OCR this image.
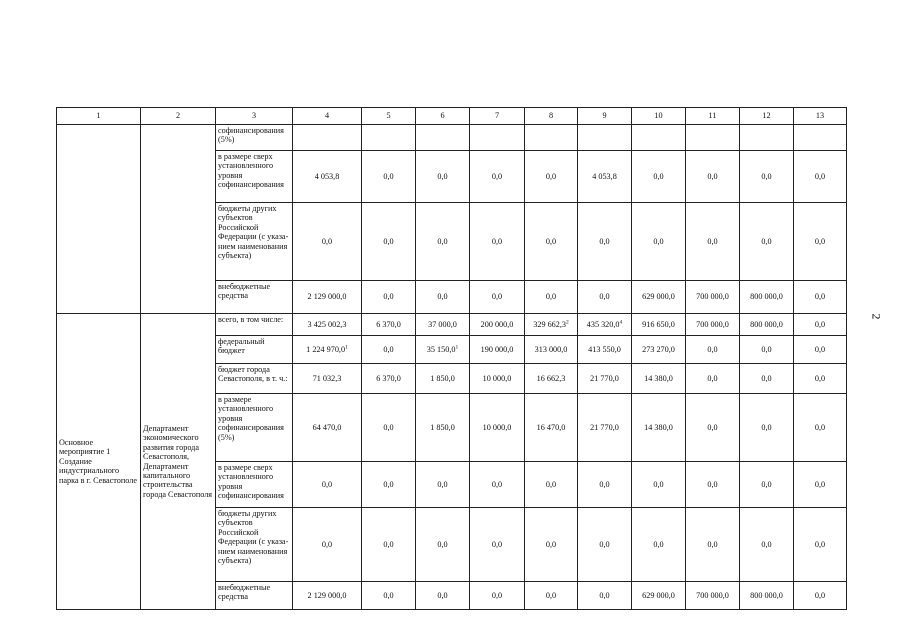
1	2	3	4	5	6	7	8	9	10	11	12	13
		софинансирования (5%)										
		в размере сверх установленного уровня софинансирования	4 053,8	0,0	0,0	0,0	0,0	4 053,8	0,0	0,0	0,0	0,0
		бюджеты других субъектов Российской Федерации (с указа-нием наименования субъекта)	0,0	0,0	0,0	0,0	0,0	0,0	0,0	0,0	0,0	0,0
		внебюджетные средства	2 129 000,0	0,0	0,0	0,0	0,0	0,0	629 000,0	700 000,0	800 000,0	0,0
Основное мероприятие 1 Создание индустриального парка в г. Севастополе	Департамент экономического развития города Севастополя, Департамент капитального строительства города Севастополя	всего, в том числе:	3 425 002,3	6 370,0	37 000,0	200 000,0	329 662,3$^2$	435 320,0$^4$	916 650,0	700 000,0	800 000,0	0,0
		федеральный бюджет	1 224 970,0$^1$	0,0	35 150,0$^1$	190 000,0	313 000,0	413 550,0	273 270,0	0,0	0,0	0,0
		бюджет города Севастополя, в т. ч.:	71 032,3	6 370,0	1 850,0	10 000,0	16 662,3	21 770,0	14 380,0	0,0	0,0	0,0
		в размере установленного уровня софинансирования (5%)	64 470,0	0,0	1 850,0	10 000,0	16 470,0	21 770,0	14 380,0	0,0	0,0	0,0
		в размере сверх установленного уровня софинансирования	0,0	0,0	0,0	0,0	0,0	0,0	0,0	0,0	0,0	0,0
		бюджеты других субъектов Российской Федерации (с указа-нием наименования субъекта)	0,0	0,0	0,0	0,0	0,0	0,0	0,0	0,0	0,0	0,0
		внебюджетные средства	2 129 000,0	0,0	0,0	0,0	0,0	0,0	629 000,0	700 000,0	800 000,0	0,0
2
